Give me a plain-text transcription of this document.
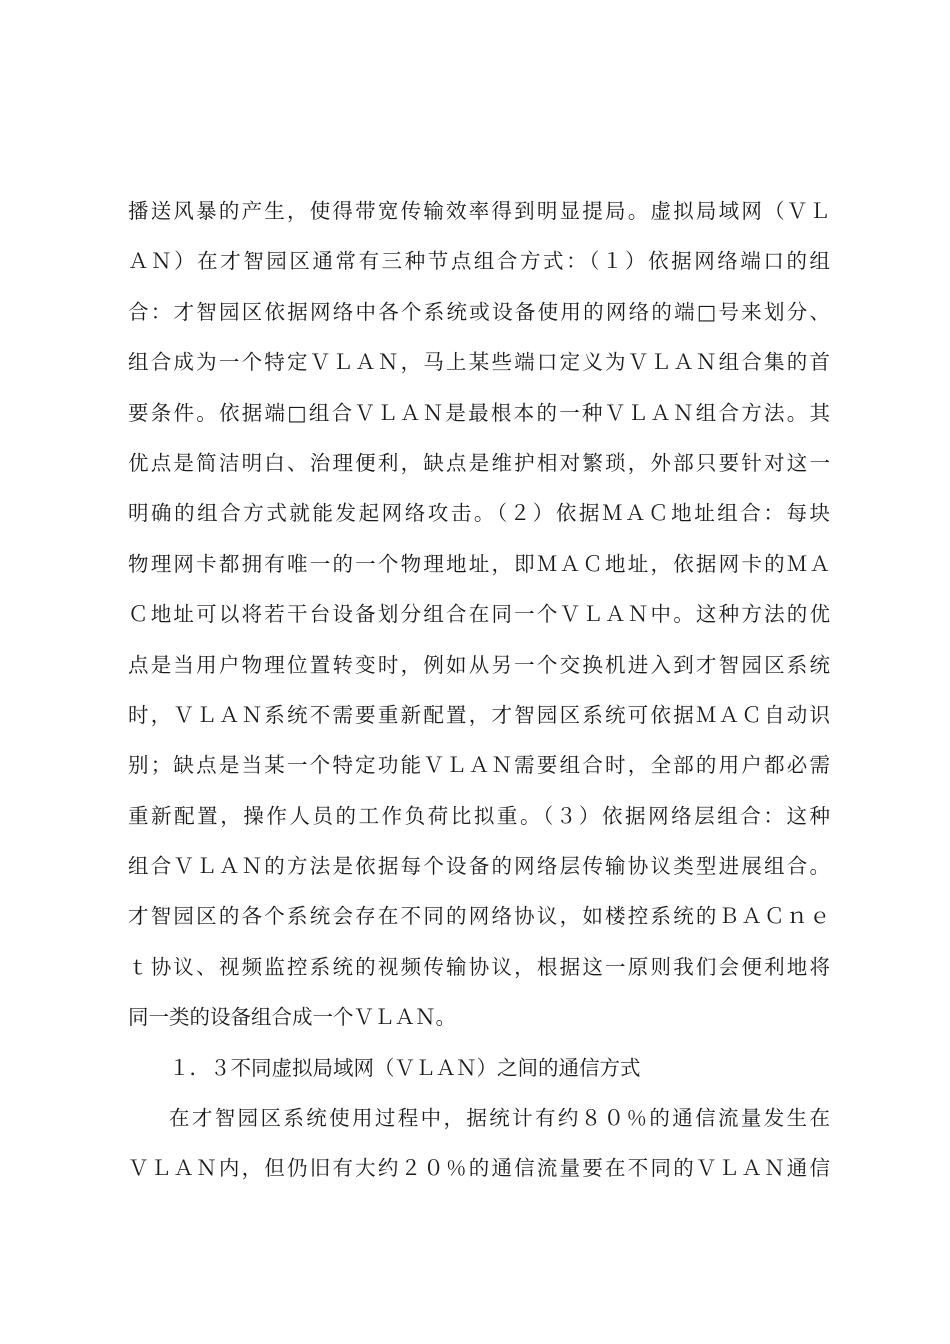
播送风暴的产生，使得带宽传输效率得到明显提局。虚拟局域网（ＶＬ
ＡＮ）在才智园区通常有三种节点组合方式：（１）依据网络端口的组
合：才智园区依据网络中各个系统或设备使用的网络的端□号来划分、
组合成为一个特定ＶＬＡＮ，马上某些端口定义为ＶＬＡＮ组合集的首
要条件。依据端□组合ＶＬＡＮ是最根本的一种ＶＬＡＮ组合方法。其
优点是简洁明白、治理便利，缺点是维护相对繁琐，外部只要针对这一
明确的组合方式就能发起网络攻击。（２）依据ＭＡＣ地址组合：每块
物理网卡都拥有唯一的一个物理地址，即ＭＡＣ地址，依据网卡的ＭＡ
Ｃ地址可以将若干台设备划分组合在同一个ＶＬＡＮ中。这种方法的优
点是当用户物理位置转变时，例如从另一个交换机进入到才智园区系统
时，ＶＬＡＮ系统不需要重新配置，才智园区系统可依据ＭＡＣ自动识
别；缺点是当某一个特定功能ＶＬＡＮ需要组合时，全部的用户都必需
重新配置，操作人员的工作负荷比拟重。（３）依据网络层组合：这种
组合ＶＬＡＮ的方法是依据每个设备的网络层传输协议类型进展组合。
才智园区的各个系统会存在不同的网络协议，如楼控系统的ＢＡＣｎｅ
ｔ协议、视频监控系统的视频传输协议，根据这一原则我们会便利地将
同一类的设备组合成一个ＶＬＡＮ。
１．３不同虚拟局域网（ＶＬＡＮ）之间的通信方式
在才智园区系统使用过程中，据统计有约８０％的通信流量发生在
ＶＬＡＮ内，但仍旧有大约２０％的通信流量要在不同的ＶＬＡＮ通信
